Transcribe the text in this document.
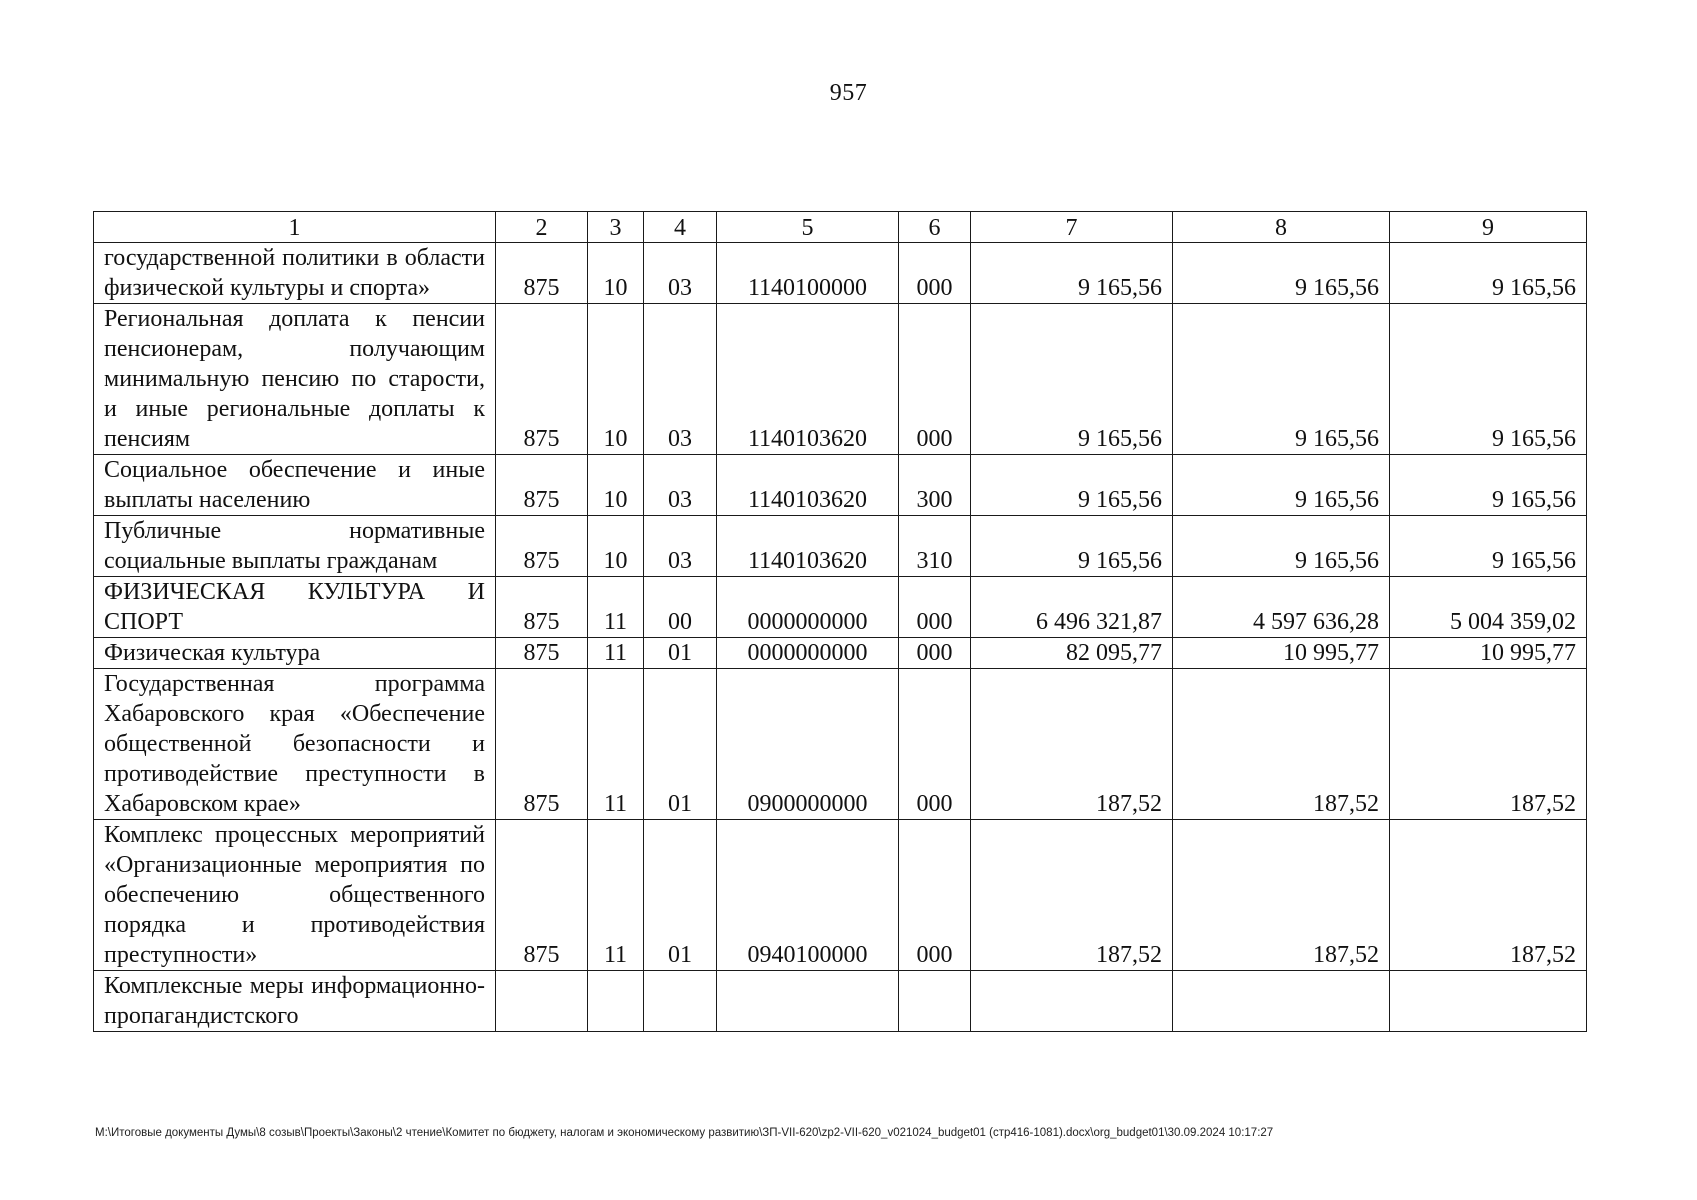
957
1	2	3	4	5	6	7	8	9
государственной политики в области физической культуры и спорта»	875	10	03	1140100000	000	9 165,56	9 165,56	9 165,56
Региональная доплата к пенсии пенсионерам, получающим минимальную пенсию по старости, и иные региональные доплаты к пенсиям	875	10	03	1140103620	000	9 165,56	9 165,56	9 165,56
Социальное обеспечение и иные выплаты населению	875	10	03	1140103620	300	9 165,56	9 165,56	9 165,56
Публичные нормативные социальные выплаты гражданам	875	10	03	1140103620	310	9 165,56	9 165,56	9 165,56
ФИЗИЧЕСКАЯ КУЛЬТУРА И СПОРТ	875	11	00	0000000000	000	6 496 321,87	4 597 636,28	5 004 359,02
Физическая культура	875	11	01	0000000000	000	82 095,77	10 995,77	10 995,77
Государственная программа Хабаровского края «Обеспечение общественной безопасности и противодействие преступности в Хабаровском крае»	875	11	01	0900000000	000	187,52	187,52	187,52
Комплекс процессных мероприятий «Организационные мероприятия по обеспечению общественного порядка и противодействия преступности»	875	11	01	0940100000	000	187,52	187,52	187,52
Комплексные меры информационно-пропагандистского								
М:\Итоговые документы Думы\8 созыв\Проекты\Законы\2 чтение\Комитет по бюджету, налогам и экономическому развитию\ЗП-VII-620\zp2-VII-620_v021024_budget01 (стр416-1081).docx\org_budget01\30.09.2024 10:17:27
